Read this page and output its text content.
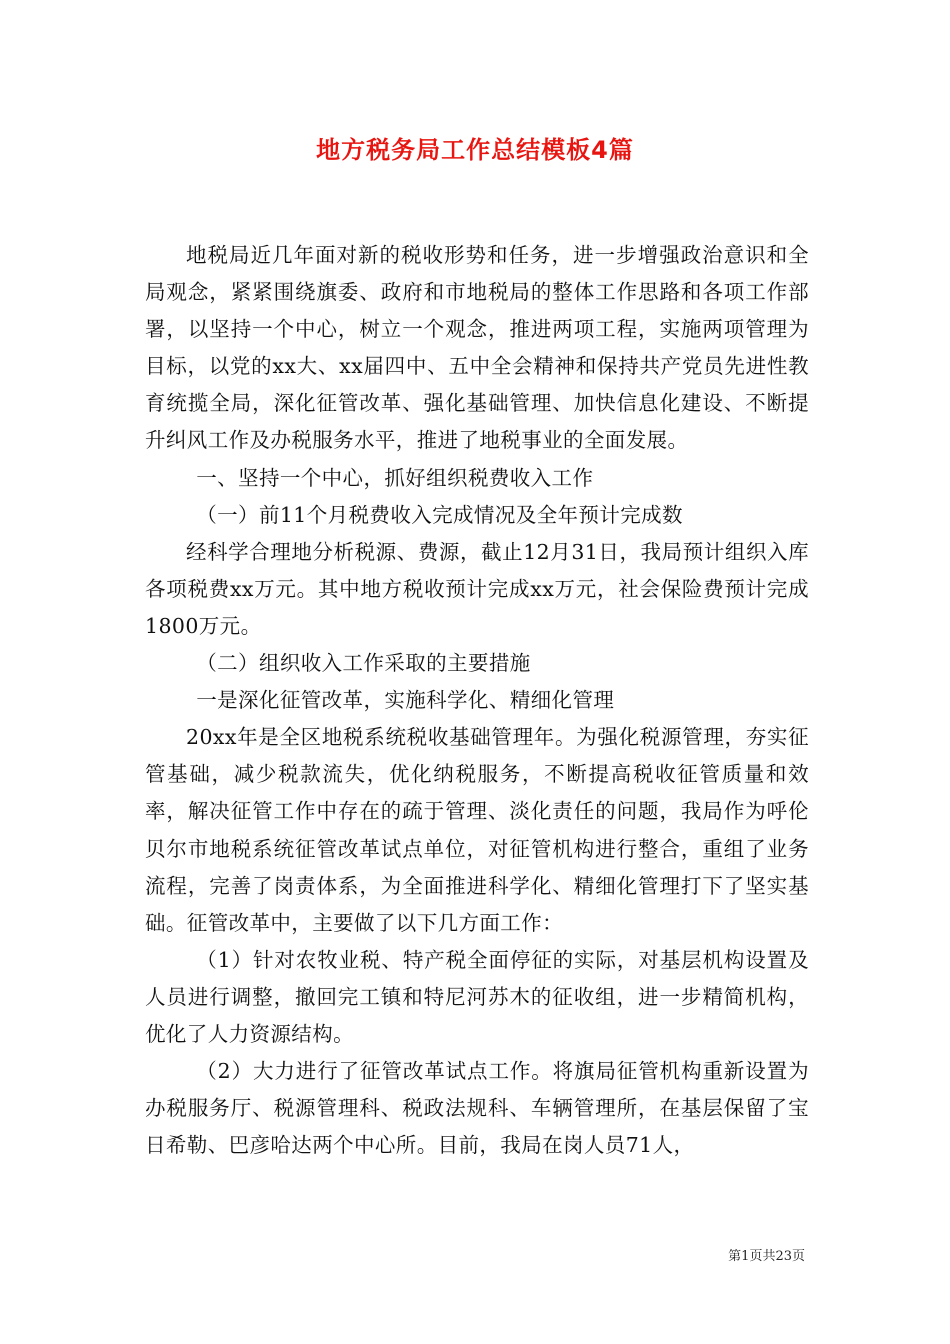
地方税务局工作总结模板4篇

地税局近几年面对新的税收形势和任务，进一步增强政治意识和全局观念，紧紧围绕旗委、政府和市地税局的整体工作思路和各项工作部署，以坚持一个中心，树立一个观念，推进两项工程，实施两项管理为目标，以党的xx大、xx届四中、五中全会精神和保持共产党员先进性教育统揽全局，深化征管改革、强化基础管理、加快信息化建设、不断提升纠风工作及办税服务水平，推进了地税事业的全面发展。

一、坚持一个中心，抓好组织税费收入工作

（一）前11个月税费收入完成情况及全年预计完成数

经科学合理地分析税源、费源，截止12月31日，我局预计组织入库各项税费xx万元。其中地方税收预计完成xx万元，社会保险费预计完成1800万元。

（二）组织收入工作采取的主要措施

一是深化征管改革，实施科学化、精细化管理

20xx年是全区地税系统税收基础管理年。为强化税源管理，夯实征管基础，减少税款流失，优化纳税服务，不断提高税收征管质量和效率，解决征管工作中存在的疏于管理、淡化责任的问题，我局作为呼伦贝尔市地税系统征管改革试点单位，对征管机构进行整合，重组了业务流程，完善了岗责体系，为全面推进科学化、精细化管理打下了坚实基础。征管改革中，主要做了以下几方面工作：

（1）针对农牧业税、特产税全面停征的实际，对基层机构设置及人员进行调整，撤回完工镇和特尼河苏木的征收组，进一步精简机构，优化了人力资源结构。

（2）大力进行了征管改革试点工作。将旗局征管机构重新设置为办税服务厅、税源管理科、税政法规科、车辆管理所，在基层保留了宝日希勒、巴彦哈达两个中心所。目前，我局在岗人员71人，

第1页共23页
